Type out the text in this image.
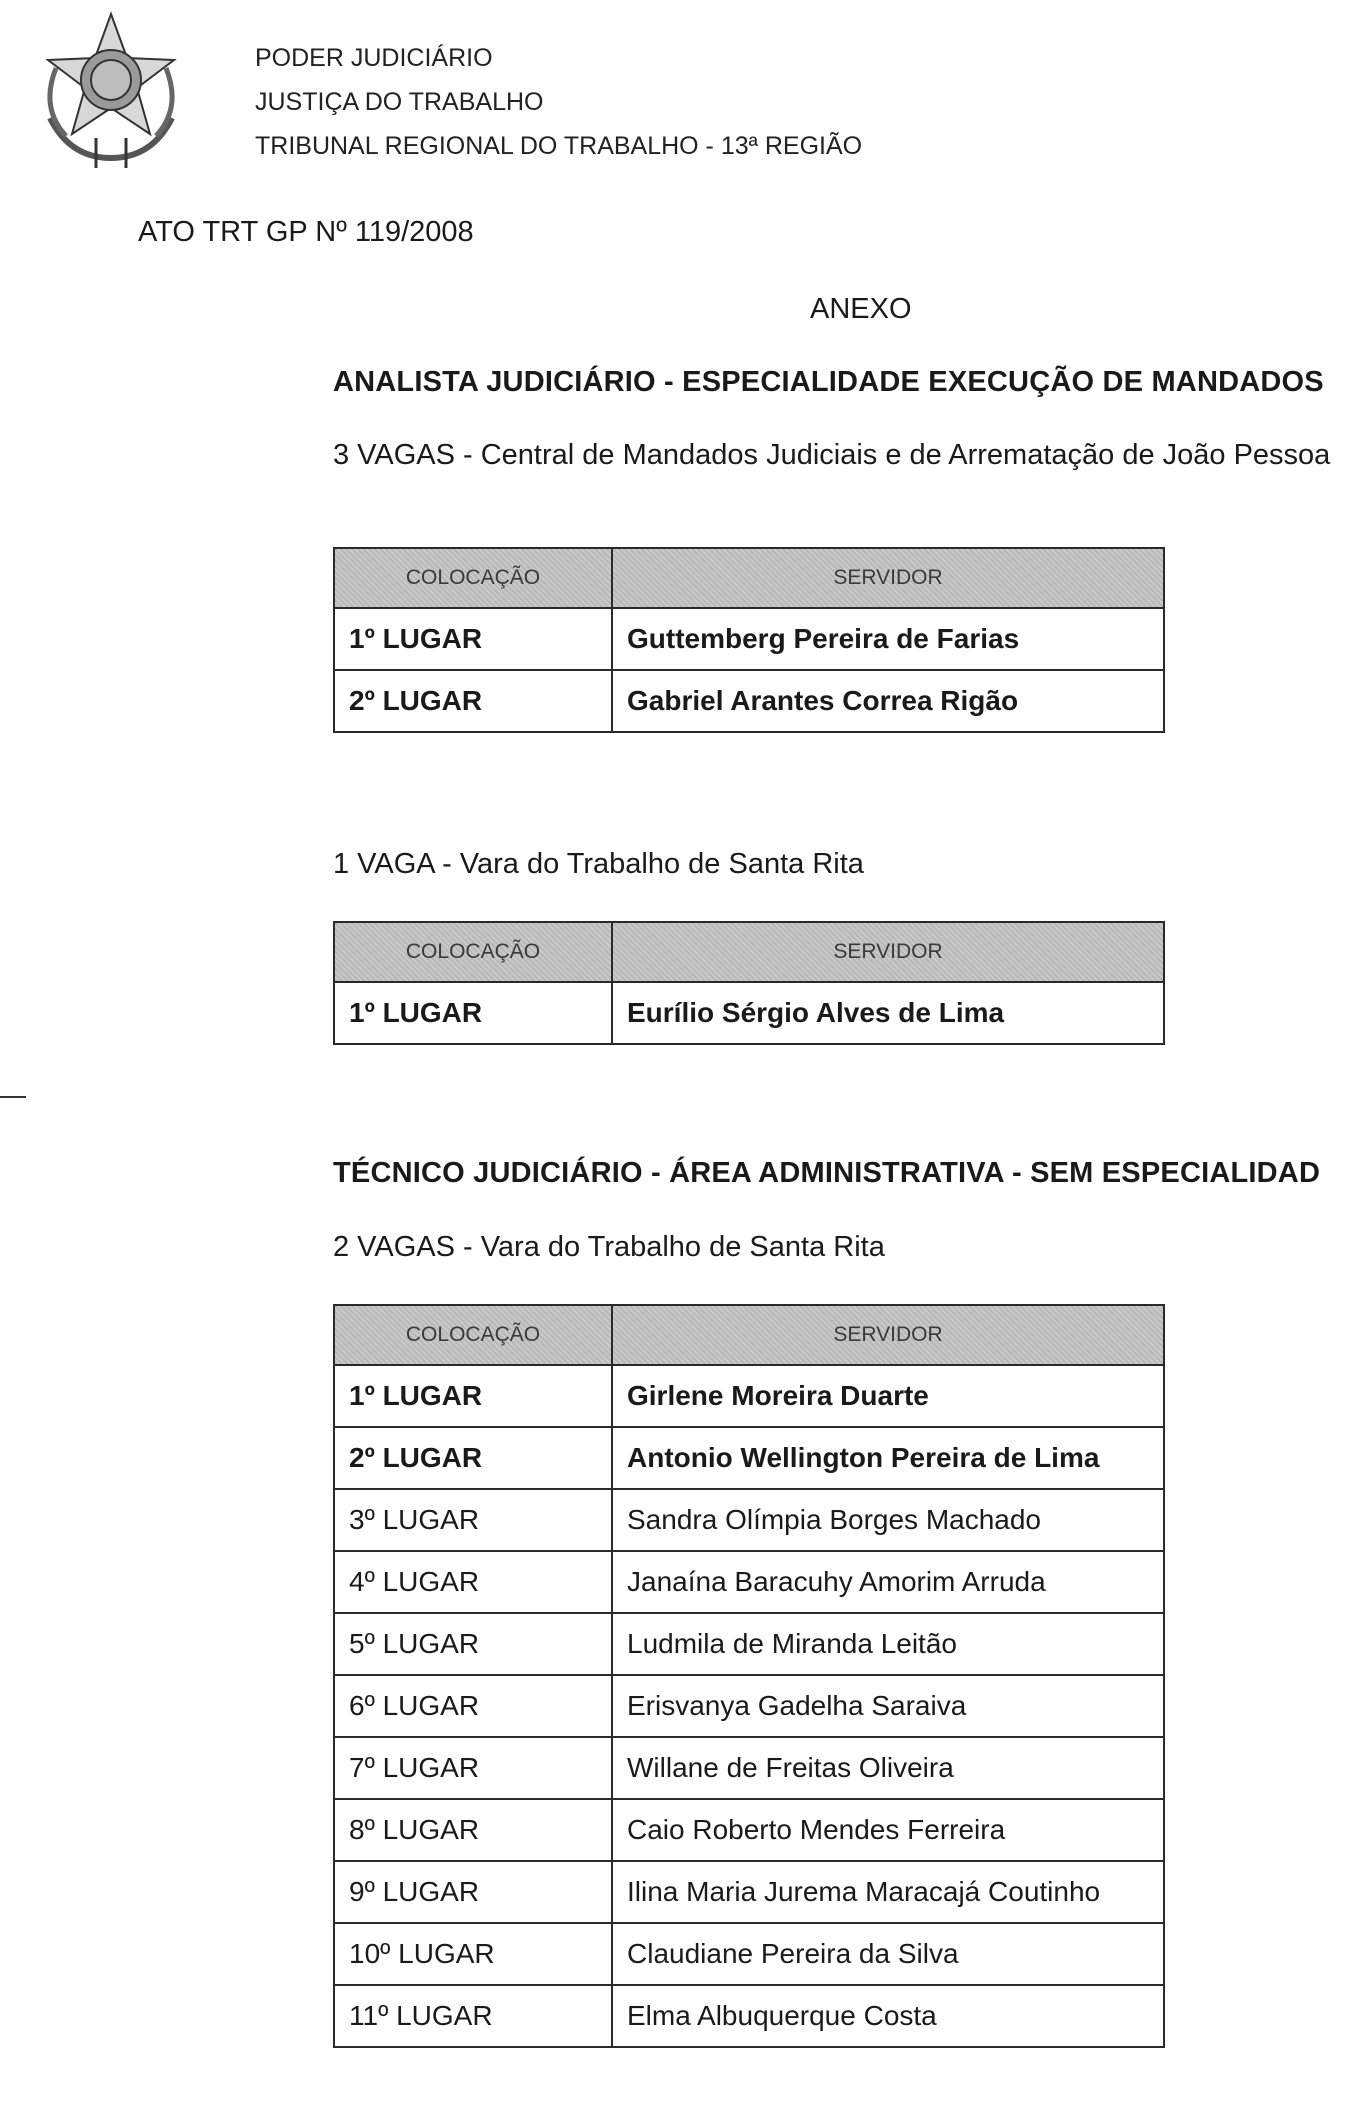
PODER JUDICIÁRIO
JUSTIÇA DO TRABALHO
TRIBUNAL REGIONAL DO TRABALHO - 13ª REGIÃO
ATO TRT GP Nº 119/2008
ANEXO
ANALISTA JUDICIÁRIO - ESPECIALIDADE EXECUÇÃO DE MANDADOS
3 VAGAS - Central de Mandados Judiciais e de Arrematação de João Pessoa
COLOCAÇÃO	SERVIDOR
1º LUGAR	Guttemberg Pereira de Farias
2º LUGAR	Gabriel Arantes Correa Rigão
1 VAGA - Vara do Trabalho de Santa Rita
COLOCAÇÃO	SERVIDOR
1º LUGAR	Eurílio Sérgio Alves de Lima
TÉCNICO JUDICIÁRIO - ÁREA ADMINISTRATIVA - SEM ESPECIALIDAD
2 VAGAS - Vara do Trabalho de Santa Rita
COLOCAÇÃO	SERVIDOR
1º LUGAR	Girlene Moreira Duarte
2º LUGAR	Antonio Wellington Pereira de Lima
3º LUGAR	Sandra Olímpia Borges Machado
4º LUGAR	Janaína Baracuhy Amorim Arruda
5º LUGAR	Ludmila de Miranda Leitão
6º LUGAR	Erisvanya Gadelha Saraiva
7º LUGAR	Willane de Freitas Oliveira
8º LUGAR	Caio Roberto Mendes Ferreira
9º LUGAR	Ilina Maria Jurema Maracajá Coutinho
10º LUGAR	Claudiane Pereira da Silva
11º LUGAR	Elma Albuquerque Costa
